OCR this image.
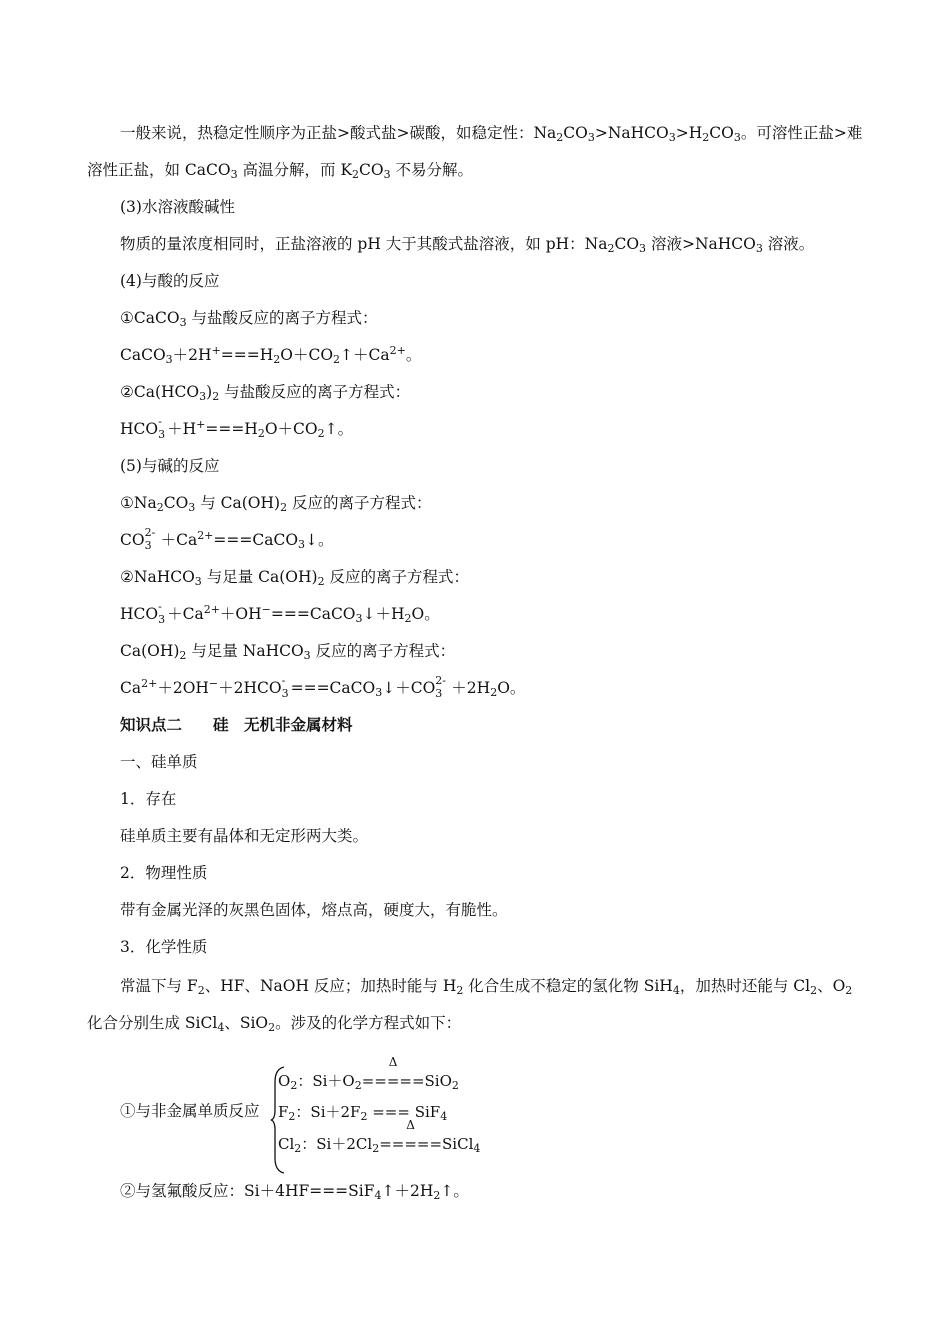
一般来说，热稳定性顺序为正盐>酸式盐>碳酸，如稳定性：$Na_2CO_3>NaHCO_3>H_2CO_3$。可溶性正盐>难
溶性正盐，如 CaCO$_3$ 高温分解，而 $K_2CO_3$ 不易分解。
(3)水溶液酸碱性
物质的量浓度相同时，正盐溶液的 pH 大于其酸式盐溶液，如 pH：$Na_2CO_3$ 溶液>NaHCO$_3$ 溶液。
(4)与酸的反应
①CaCO$_3$ 与盐酸反应的离子方程式：
$CaCO_3+2H^+===H_2O+CO_2↑+Ca^{2+}$。
$②Ca(HCO_3)_2$ 与盐酸反应的离子方程式：
HCO -
$3 +H^+===H_2O+CO_2↑$。
(5)与碱的反应
$①Na_2CO_3$ 与 $Ca(OH)_2$ 反应的离子方程式：
CO 2-
$3 +Ca^{2+}===CaCO_3↓$。
②NaHCO$_3$ 与足量 $Ca(OH)_2$ 反应的离子方程式：
HCO -
$3 +Ca^{2+}+OH^-===CaCO_3↓+H_2O$。
$Ca(OH)_2$ 与足量 NaHCO$_3$ 反应的离子方程式：
$Ca^{2+}+2OH^-+2HCO$ -
3 ===CaCO$_3$↓＋CO 2-
$3 +2H_2O$。
知识点二　　硅　无机非金属材料
一、硅单质
1．存在
硅单质主要有晶体和无定形两大类。
2．物理性质
带有金属光泽的灰黑色固体，熔点高，硬度大，有脆性。
3．化学性质
常温下与 $F_2$、HF、NaOH 反应；加热时能与 $H_2$ 化合生成不稳定的氢化物 SiH$_4$，加热时还能与 $Cl_2$、$O_2$
化合分别生成 SiCl$_4$、SiO$_2$。涉及的化学方程式如下：
①与非金属单质反应
$O_2$：$Si+O_2$
Δ
=====SiO$_2$
$F_2$：$Si+2F_2$ === SiF$_4$
$Cl_2$：$Si+2Cl_2$
Δ
=====SiCl$_4$
②与氢氟酸反应：$Si+4HF===SiF_4↑+2H_2↑$。
